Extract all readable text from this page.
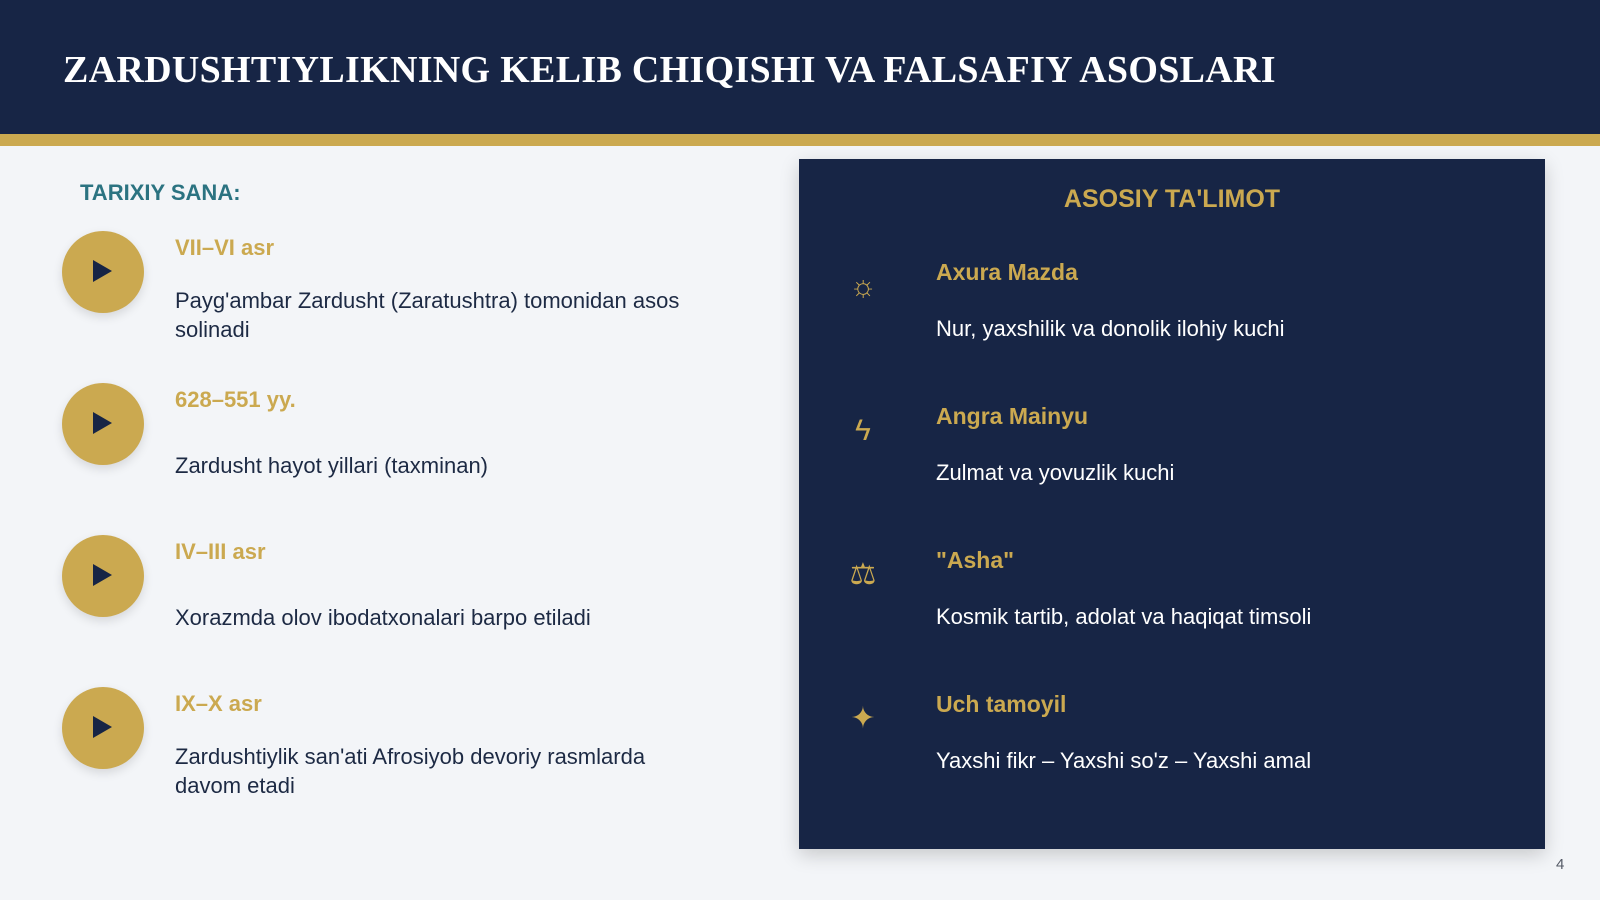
ZARDUSHTIYLIKNING KELIB CHIQISHI VA FALSAFIY ASOSLARI
TARIXIY SANA:
VII–VI asr
Payg'ambar Zardusht (Zaratushtra) tomonidan asos solinadi
628–551 yy.
Zardusht hayot yillari (taxminan)
IV–III asr
Xorazmda olov ibodatxonalari barpo etiladi
IX–X asr
Zardushtiylik san'ati Afrosiyob devoriy rasmlarda davom etadi
ASOSIY TA'LIMOT
☼	Axura Mazda
Nur, yaxshilik va donolik ilohiy kuchi
ϟ	Angra Mainyu
Zulmat va yovuzlik kuchi
⚖	"Asha"
Kosmik tartib, adolat va haqiqat timsoli
✦	Uch tamoyil
Yaxshi fikr – Yaxshi so'z – Yaxshi amal
4
